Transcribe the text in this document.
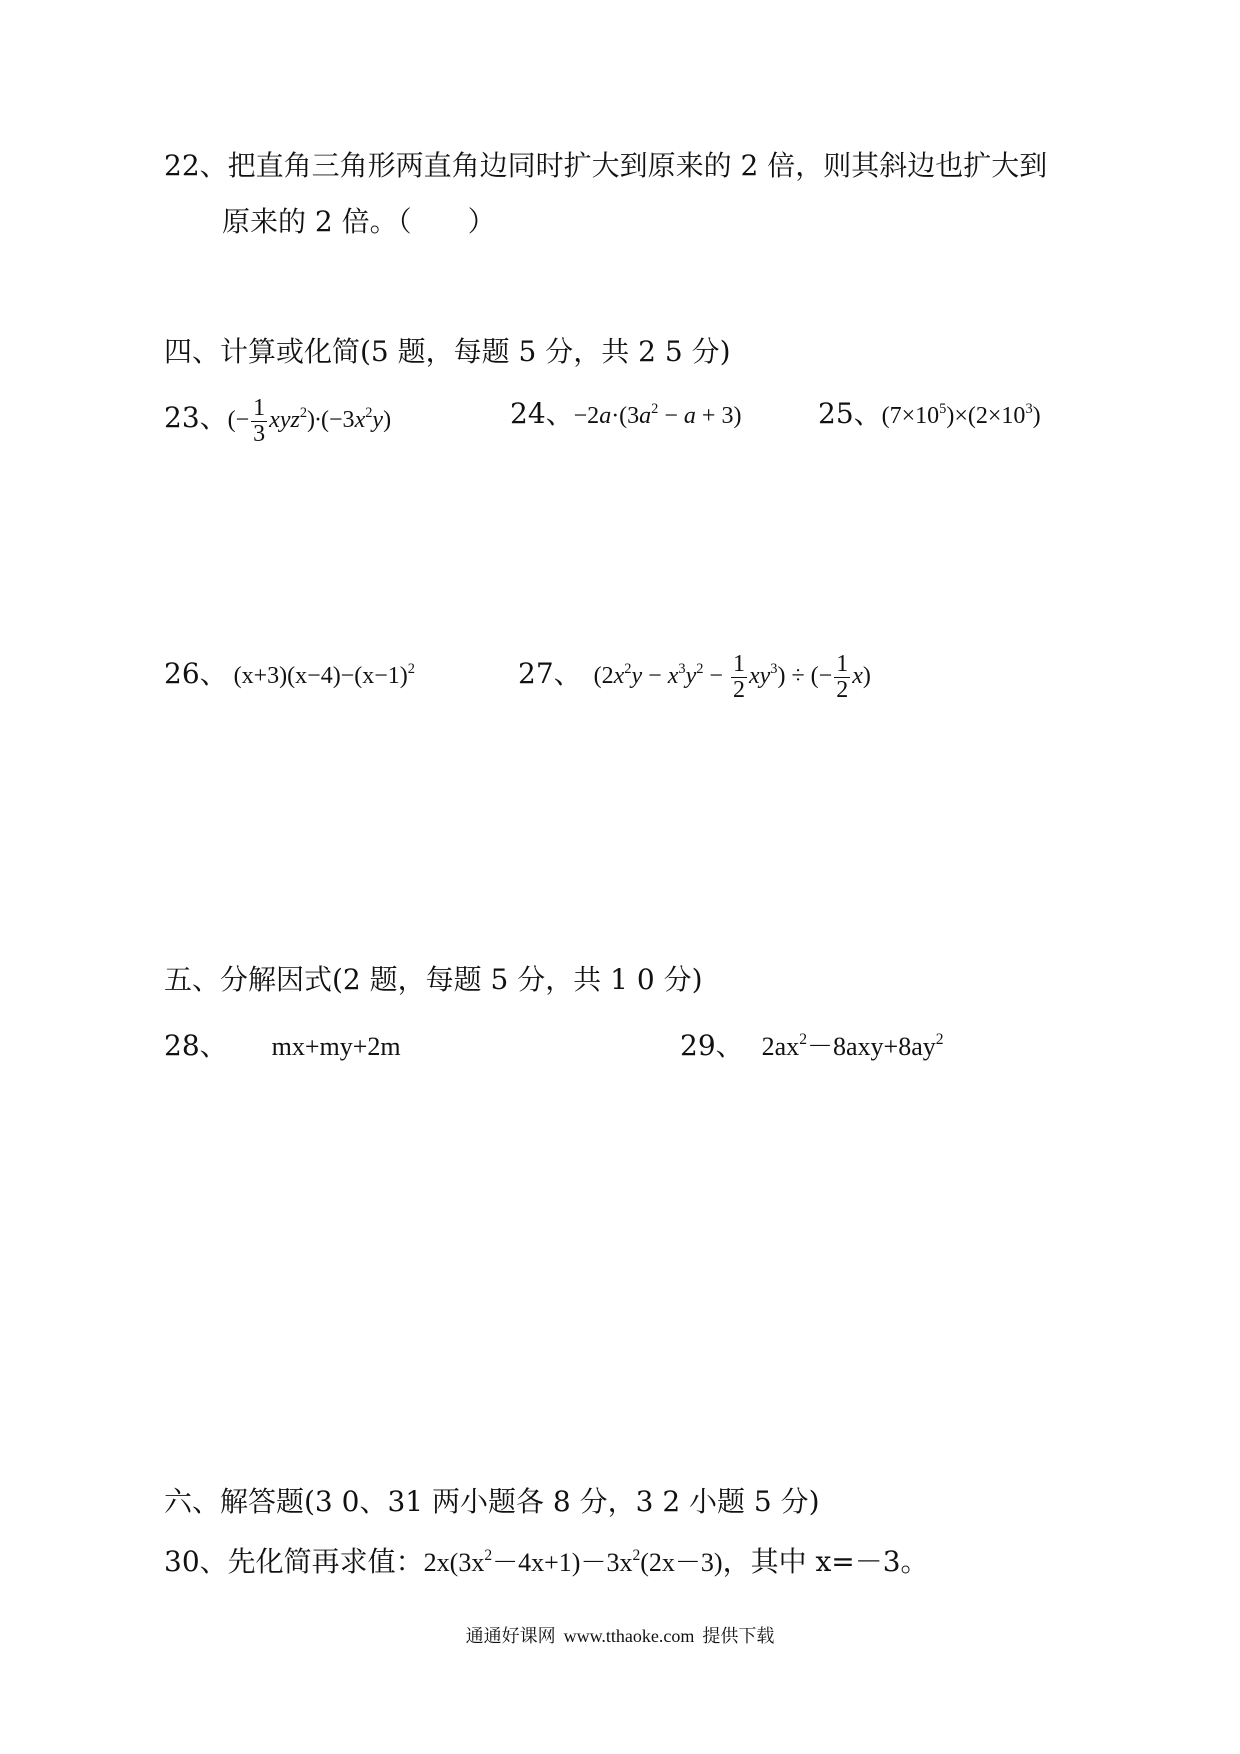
22、把直角三角形两直角边同时扩大到原来的 2 倍，则其斜边也扩大到
原来的 2 倍。（　　）
四、计算或化简(5 题，每题 5 分，共 2 5 分)
23、(− $\frac{1}{3} xyz^2)\cdot(-3x^2y)$	24、$-2a\cdot(3a^2 - a + 3)$	25、$(7\times 10^5)\times(2\times 10^3)$
26、 $(x+3)(x-4)-(x-1)^2$	27、 $(2x^2y - x^3y^2 - \frac{1}{2} xy^3)$ ÷ (− $\frac{1}{2} x$)
五、分解因式(2 题，每题 5 分，共 1 0 分)
28、 mx+my+2m	29、 $2ax^2-8axy+8ay^2$
六、解答题(3 0、31 两小题各 8 分，3 2 小题 5 分)
30、先化简再求值：$2x(3x^2-4x+1)-3x^2(2x-3)$，其中 x=－3。
通通好课网 www.tthaoke.com 提供下载
